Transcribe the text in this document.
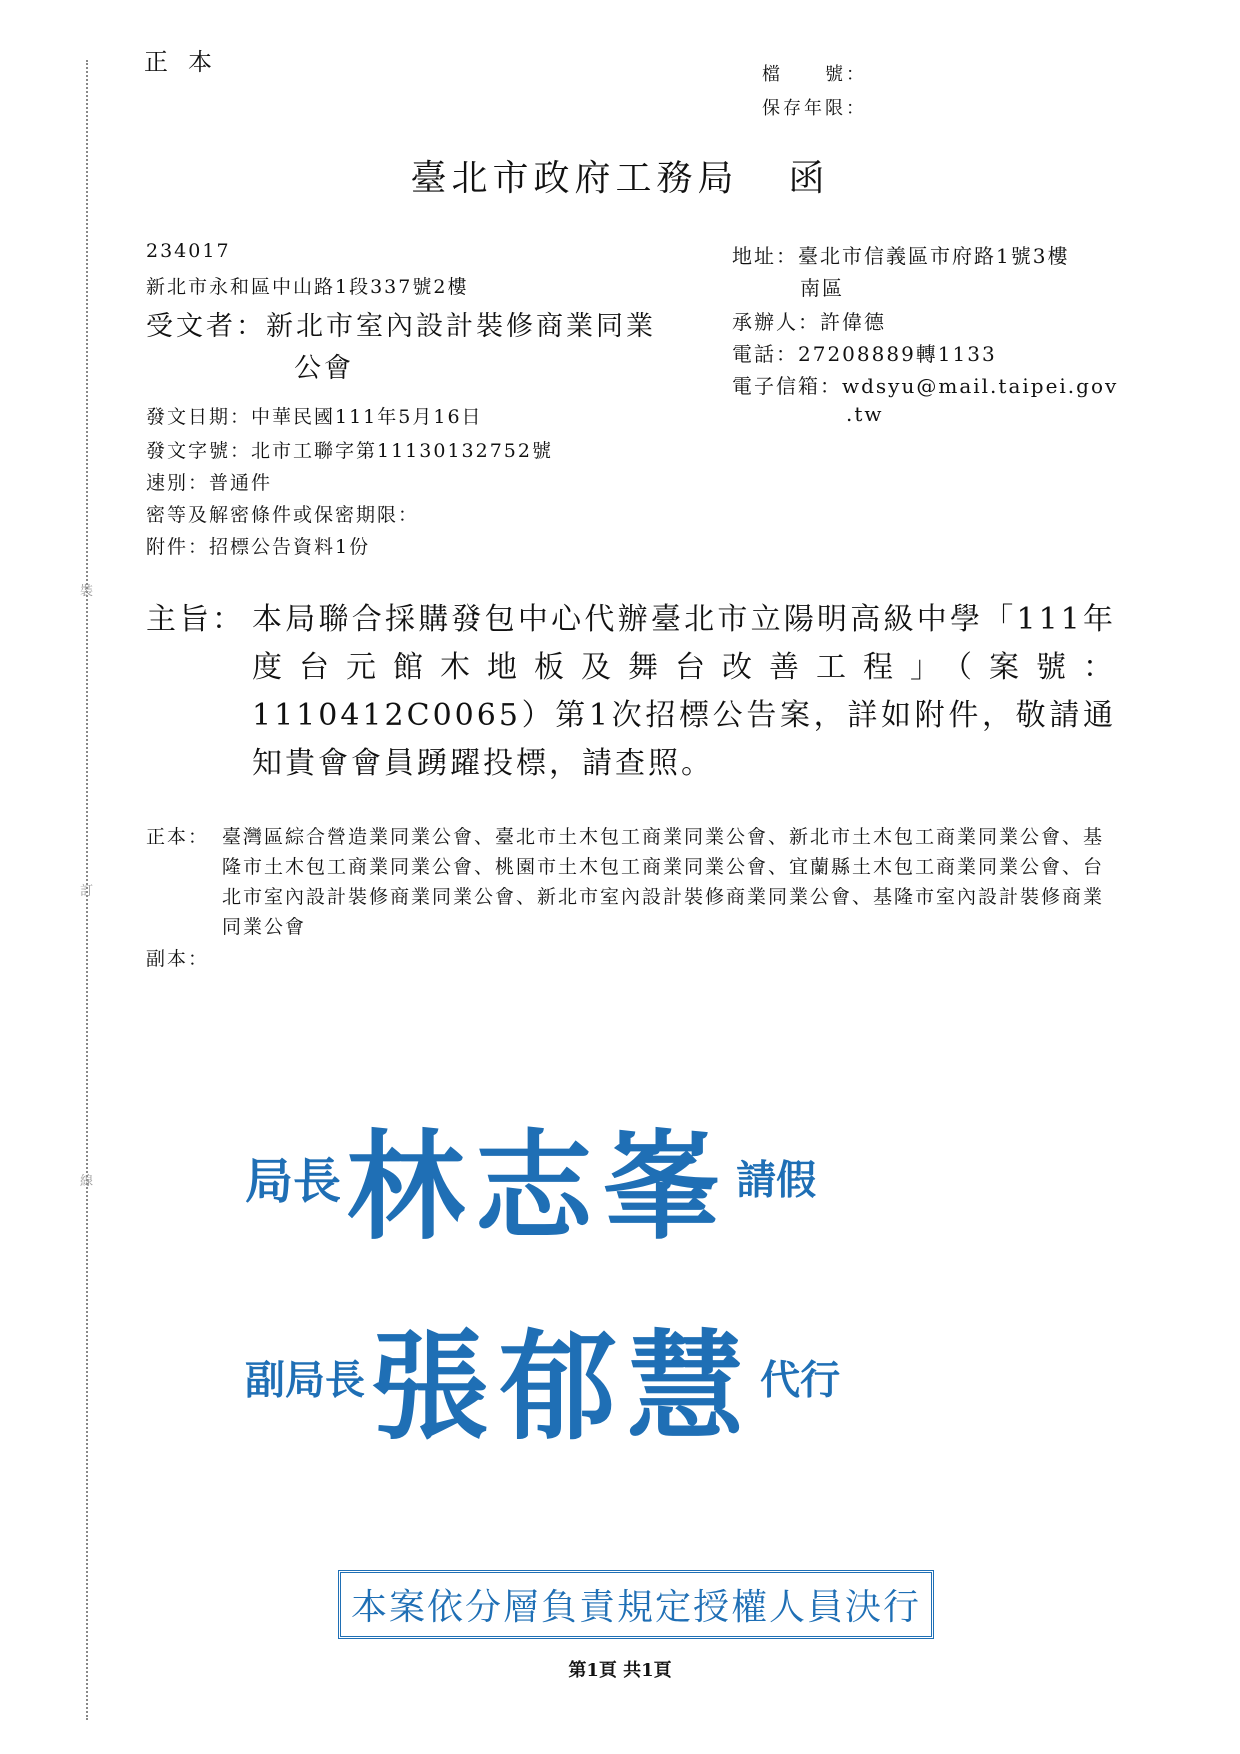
裝
訂
線
正本	檔　　號：
保存年限：
臺北市政府工務局 函
234017
新北市永和區中山路1段337號2樓
受文者：新北市室內設計裝修商業同業
公會
地址：臺北市信義區市府路1號3樓
南區
承辦人：許偉德
電話：27208889轉1133
電子信箱：wdsyu@mail.taipei.gov
.tw
發文日期：中華民國111年5月16日
發文字號：北市工聯字第11130132752號
速別：普通件
密等及解密條件或保密期限：
附件：招標公告資料1份
主旨： 本局聯合採購發包中心代辦臺北市立陽明高級中學「111年度台元館木地板及舞台改善工程」（案號：1110412C0065）第1次招標公告案，詳如附件，敬請通知貴會會員踴躍投標，請查照。
正本： 臺灣區綜合營造業同業公會、臺北市土木包工商業同業公會、新北市土木包工商業同業公會、基隆市土木包工商業同業公會、桃園市土木包工商業同業公會、宜蘭縣土木包工商業同業公會、台北市室內設計裝修商業同業公會、新北市室內設計裝修商業同業公會、基隆市室內設計裝修商業同業公會
副本：
局長 林志峯 請假
副局長 張郁慧 代行
本案依分層負責規定授權人員決行
第1頁 共1頁
